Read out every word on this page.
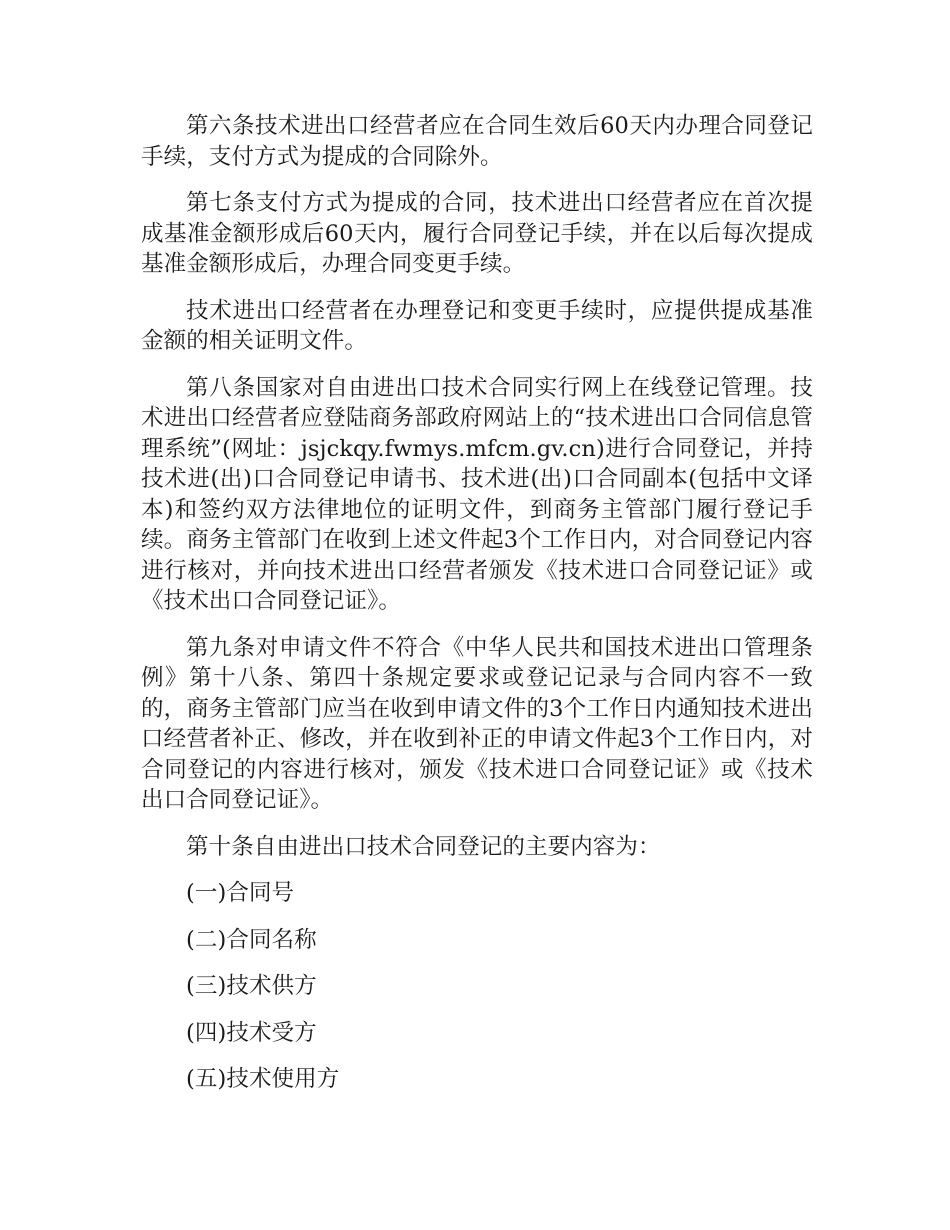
第六条技术进出口经营者应在合同生效后60天内办理合同登记手续，支付方式为提成的合同除外。

第七条支付方式为提成的合同，技术进出口经营者应在首次提成基准金额形成后60天内，履行合同登记手续，并在以后每次提成基准金额形成后，办理合同变更手续。

技术进出口经营者在办理登记和变更手续时，应提供提成基准金额的相关证明文件。

第八条国家对自由进出口技术合同实行网上在线登记管理。技术进出口经营者应登陆商务部政府网站上的“技术进出口合同信息管理系统”(网址：jsjckqy.fwmys.mfcm.gv.cn)进行合同登记，并持技术进(出)口合同登记申请书、技术进(出)口合同副本(包括中文译本)和签约双方法律地位的证明文件，到商务主管部门履行登记手续。商务主管部门在收到上述文件起3个工作日内，对合同登记内容进行核对，并向技术进出口经营者颁发《技术进口合同登记证》或《技术出口合同登记证》。

第九条对申请文件不符合《中华人民共和国技术进出口管理条例》第十八条、第四十条规定要求或登记记录与合同内容不一致的，商务主管部门应当在收到申请文件的3个工作日内通知技术进出口经营者补正、修改，并在收到补正的申请文件起3个工作日内，对合同登记的内容进行核对，颁发《技术进口合同登记证》或《技术出口合同登记证》。

第十条自由进出口技术合同登记的主要内容为：

(一)合同号

(二)合同名称

(三)技术供方

(四)技术受方

(五)技术使用方
